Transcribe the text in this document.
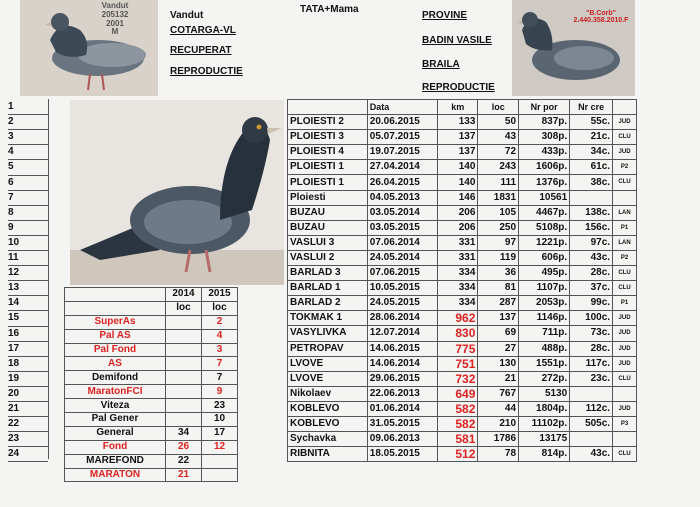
Vandut
205132
2001
M
Vandut
COTARGA-VL
RECUPERAT
REPRODUCTIE
TATA+Mama
PROVINE
BADIN VASILE
BRAILA
REPRODUCTIE
"B.Corb"
2.440.358.2010.F
1
2
3
4
5
6
7
8
9
10
11
12
13
14
15
16
17
18
19
20
21
22
23
24
	Data	km	loc	Nr por	Nr cre	
PLOIESTI 2	20.06.2015	133	50	837p.	55c.	JUD
PLOIESTI 3	05.07.2015	137	43	308p.	21c.	CLU
PLOIESTI 4	19.07.2015	137	72	433p.	34c.	JUD
PLOIESTI 1	27.04.2014	140	243	1606p.	61c.	P2
PLOIESTI 1	26.04.2015	140	111	1376p.	38c.	CLU
Ploiesti	04.05.2013	146	1831	10561		
BUZAU	03.05.2014	206	105	4467p.	138c.	LAN
BUZAU	03.05.2015	206	250	5108p.	156c.	P1
VASLUI 3	07.06.2014	331	97	1221p.	97c.	LAN
VASLUI 2	24.05.2014	331	119	606p.	43c.	P2
BARLAD 3	07.06.2015	334	36	495p.	28c.	CLU
BARLAD 1	10.05.2015	334	81	1107p.	37c.	CLU
BARLAD 2	24.05.2015	334	287	2053p.	99c.	P1
TOKMAK 1	28.06.2014	962	137	1146p.	100c.	JUD
VASYLIVKA	12.07.2014	830	69	711p.	73c.	JUD
PETROPAV	14.06.2015	775	27	488p.	28c.	JUD
LVOVE	14.06.2014	751	130	1551p.	117c.	JUD
LVOVE	29.06.2015	732	21	272p.	23c.	CLU
Nikolaev	22.06.2013	649	767	5130		
KOBLEVO	01.06.2014	582	44	1804p.	112c.	JUD
KOBLEVO	31.05.2015	582	210	11102p.	505c.	P3
Sychavka	09.06.2013	581	1786	13175		
RIBNITA	18.05.2015	512	78	814p.	43c.	CLU
	2014	2015
	loc	loc
SuperAs		2
Pal AS		4
Pal Fond		3
AS		7
Demifond		7
MaratonFCI		9
Viteza		23
Pal Gener		10
General	34	17
Fond	26	12
MAREFOND	22	
MARATON	21	
